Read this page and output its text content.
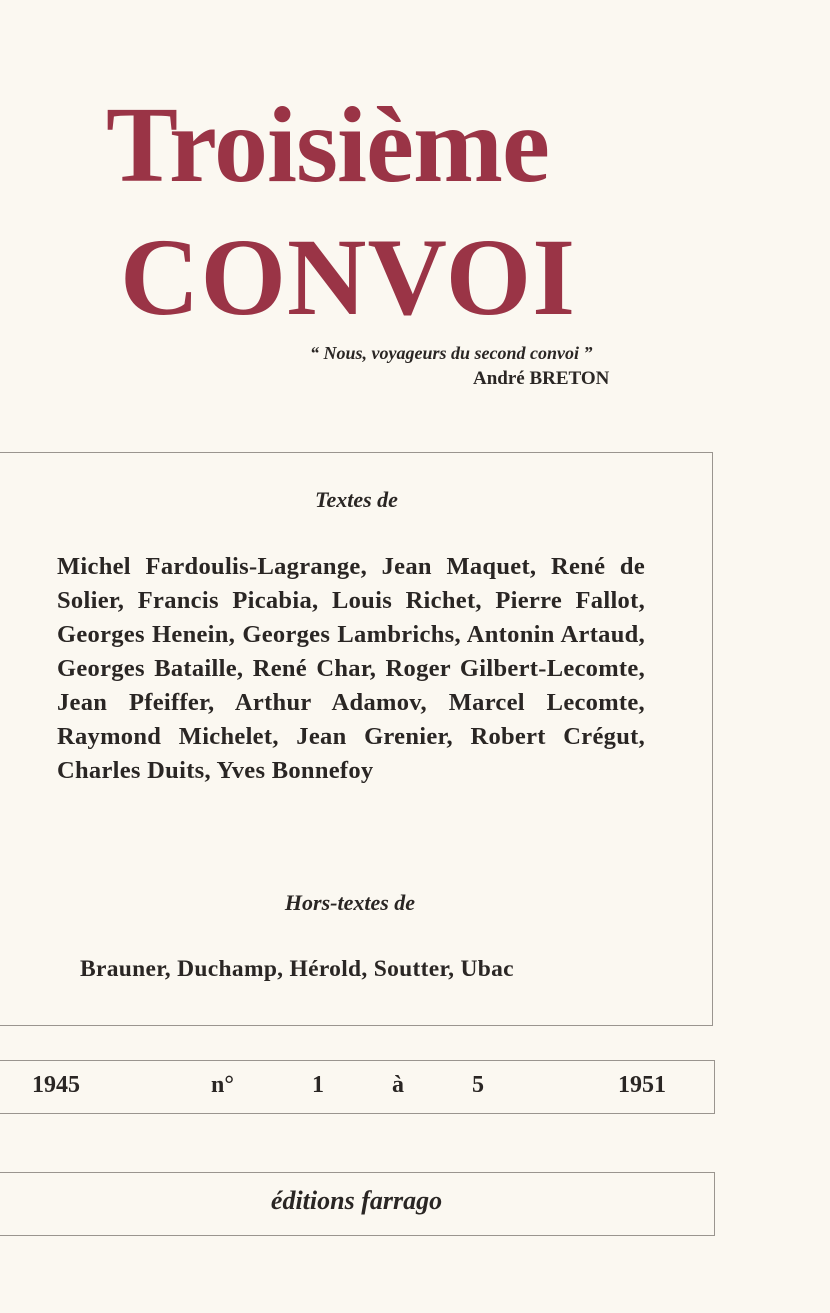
Troisième
CONVOI
“ Nous, voyageurs du second convoi ”
André BRETON
Textes de
Michel Fardoulis-Lagrange, Jean Maquet, René de Solier, Francis Picabia, Louis Richet, Pierre Fallot, Georges Henein, Georges Lambrichs, Antonin Artaud, Georges Bataille, René Char, Roger Gilbert-Lecomte, Jean Pfeiffer, Arthur Adamov, Marcel Lecomte, Raymond Michelet, Jean Grenier, Robert Crégut, Charles Duits, Yves Bonnefoy
Hors-textes de
Brauner, Duchamp, Hérold, Soutter, Ubac
1945	n°	1	à	5	1951
éditions farrago
